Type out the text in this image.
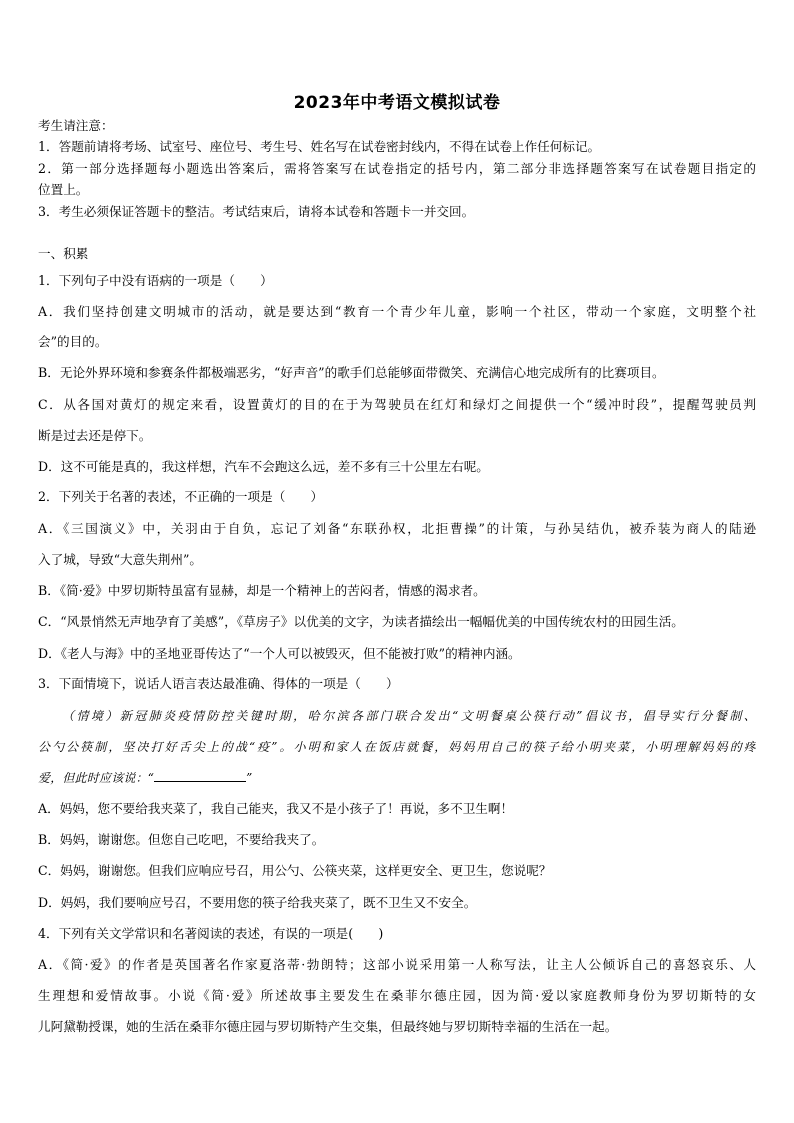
2023年中考语文模拟试卷
考生请注意：
1．答题前请将考场、试室号、座位号、考生号、姓名写在试卷密封线内，不得在试卷上作任何标记。
2．第一部分选择题每小题选出答案后，需将答案写在试卷指定的括号内，第二部分非选择题答案写在试卷题目指定的
位置上。
3．考生必须保证答题卡的整洁。考试结束后，请将本试卷和答题卡一并交回。
一、积累
1．下列句子中没有语病的一项是（　　）
A．我们坚持创建文明城市的活动，就是要达到“教育一个青少年儿童，影响一个社区，带动一个家庭，文明整个社
会”的目的。
B．无论外界环境和参赛条件都极端恶劣，“好声音”的歌手们总能够面带微笑、充满信心地完成所有的比赛项目。
C．从各国对黄灯的规定来看，设置黄灯的目的在于为驾驶员在红灯和绿灯之间提供一个“缓冲时段”，提醒驾驶员判
断是过去还是停下。
D．这不可能是真的，我这样想，汽车不会跑这么远，差不多有三十公里左右呢。
2．下列关于名著的表述，不正确的一项是（　　）
A．《三国演义》中，关羽由于自负，忘记了刘备“东联孙权，北拒曹操”的计策，与孙吴结仇，被乔装为商人的陆逊
入了城，导致“大意失荆州”。
B．《简·爱》中罗切斯特虽富有显赫，却是一个精神上的苦闷者，情感的渴求者。
C．“风景悄然无声地孕育了美感”，《草房子》以优美的文字，为读者描绘出一幅幅优美的中国传统农村的田园生活。
D．《老人与海》中的圣地亚哥传达了“一个人可以被毁灭，但不能被打败”的精神内涵。
3．下面情境下，说话人语言表达最准确、得体的一项是（　　）
（情境）新冠肺炎疫情防控关键时期，哈尔滨各部门联合发出“文明餐桌公筷行动”倡议书，倡导实行分餐制、
公勺公筷制，坚决打好舌尖上的战“疫”。小明和家人在饭店就餐，妈妈用自己的筷子给小明夹菜，小明理解妈妈的疼
爱，但此时应该说：“	”
A．妈妈，您不要给我夹菜了，我自己能夹，我又不是小孩子了！再说，多不卫生啊！
B．妈妈，谢谢您。但您自己吃吧，不要给我夹了。
C．妈妈，谢谢您。但我们应响应号召，用公勺、公筷夹菜，这样更安全、更卫生，您说呢？
D．妈妈，我们要响应号召，不要用您的筷子给我夹菜了，既不卫生又不安全。
4．下列有关文学常识和名著阅读的表述，有误的一项是(　　)
A．《简·爱》的作者是英国著名作家夏洛蒂·勃朗特；这部小说采用第一人称写法，让主人公倾诉自己的喜怒哀乐、人
生理想和爱情故事。小说《简·爱》所述故事主要发生在桑菲尔德庄园，因为简·爱以家庭教师身份为罗切斯特的女
儿阿黛勒授课，她的生活在桑菲尔德庄园与罗切斯特产生交集，但最终她与罗切斯特幸福的生活在一起。
